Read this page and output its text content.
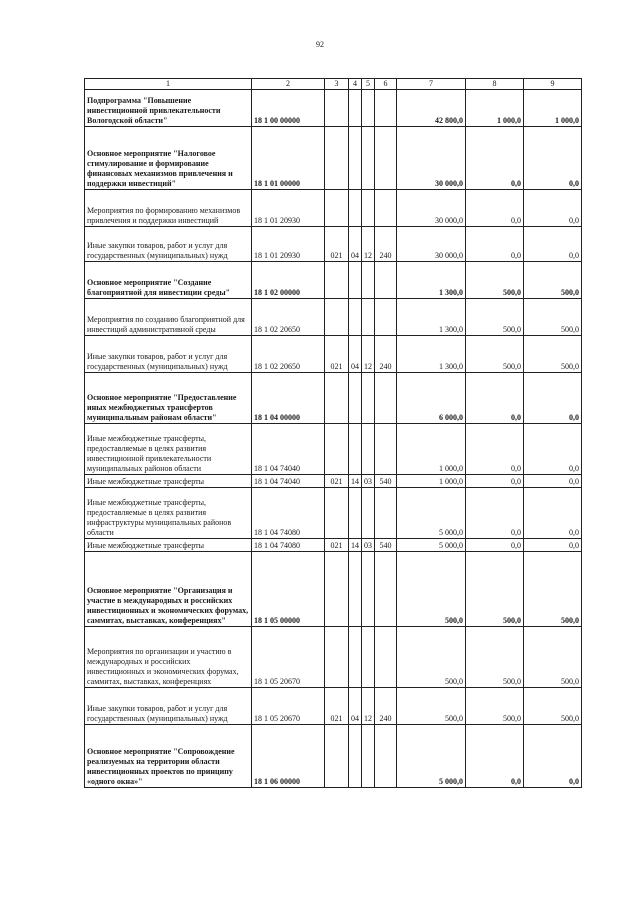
92
1	2	3	4	5	6	7	8	9
Подпрограмма "Повышение инвестиционной привлекательности Вологодской области"	18 1 00 00000					42 800,0	1 000,0	1 000,0
Основное мероприятие "Налоговое стимулирование и формирование финансовых механизмов привлечения и поддержки инвестиций"	18 1 01 00000					30 000,0	0,0	0,0
Мероприятия по формированию механизмов привлечения и поддержки инвестиций	18 1 01 20930					30 000,0	0,0	0,0
Иные закупки товаров, работ и услуг для государственных (муниципальных) нужд	18 1 01 20930	021	04	12	240	30 000,0	0,0	0,0
Основное мероприятие "Создание благоприятной для инвестиции среды"	18 1 02 00000					1 300,0	500,0	500,0
Мероприятия по созданию благоприятной для инвестиций административной среды	18 1 02 20650					1 300,0	500,0	500,0
Иные закупки товаров, работ и услуг для государственных (муниципальных) нужд	18 1 02 20650	021	04	12	240	1 300,0	500,0	500,0
Основное мероприятие "Предоставление иных межбюджетных трансфертов муниципальным районам области"	18 1 04 00000					6 000,0	0,0	0,0
Иные межбюджетные трансферты, предоставляемые в целях развития инвестиционной привлекательности муниципальных районов области	18 1 04 74040					1 000,0	0,0	0,0
Иные межбюджетные трансферты	18 1 04 74040	021	14	03	540	1 000,0	0,0	0,0
Иные межбюджетные трансферты, предоставляемые в целях развития инфраструктуры муниципальных районов области	18 1 04 74080					5 000,0	0,0	0,0
Иные межбюджетные трансферты	18 1 04 74080	021	14	03	540	5 000,0	0,0	0,0
Основное мероприятие "Организация и участие в международных и российских инвестиционных и экономических форумах, саммитах, выставках, конференциях"	18 1 05 00000					500,0	500,0	500,0
Мероприятия по организации и участию в международных и российских инвестиционных и экономических форумах, саммитах, выставках, конференциях	18 1 05 20670					500,0	500,0	500,0
Иные закупки товаров, работ и услуг для государственных (муниципальных) нужд	18 1 05 20670	021	04	12	240	500,0	500,0	500,0
Основное мероприятие "Сопровождение реализуемых на территории области инвестиционных проектов по принципу «одного окна»"	18 1 06 00000					5 000,0	0,0	0,0
